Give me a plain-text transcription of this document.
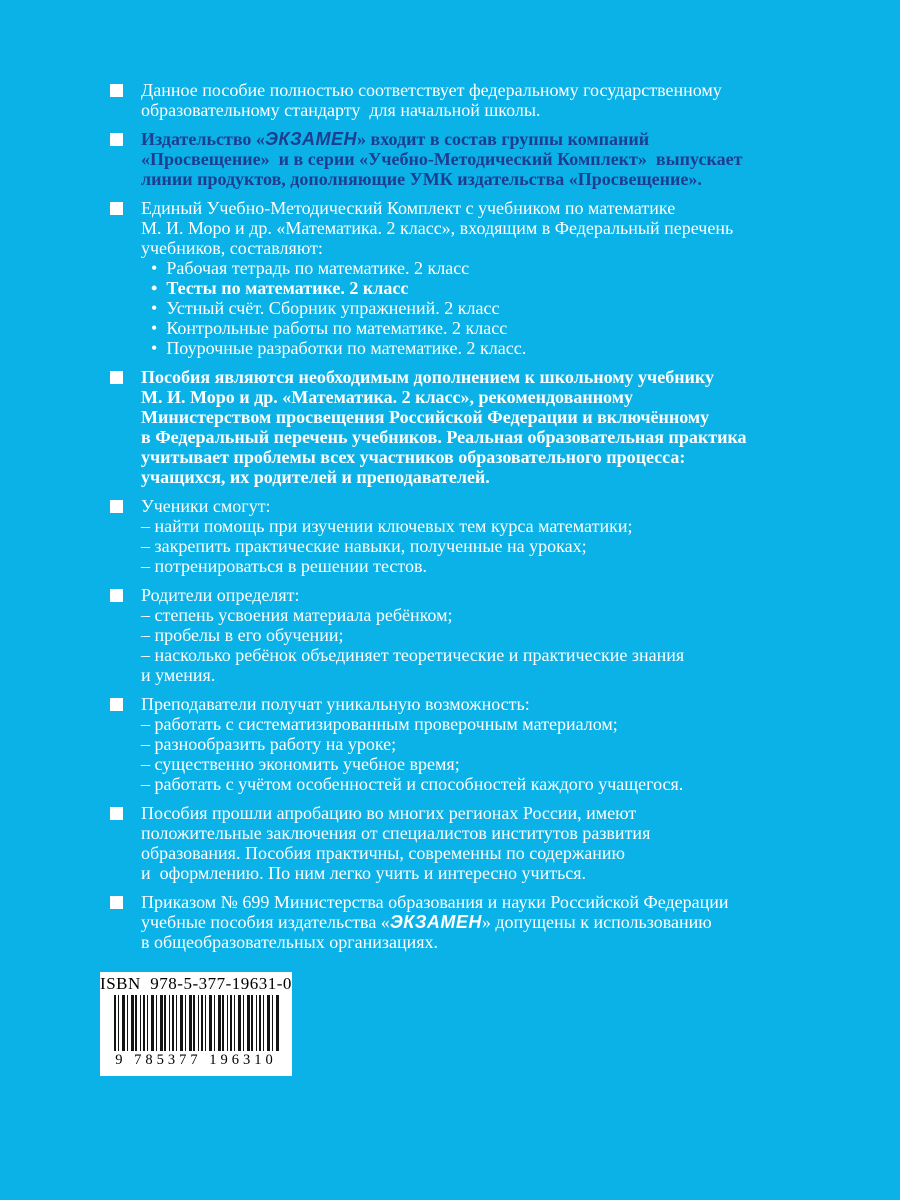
Данное пособие полностью соответствует федеральному государственному
образовательному стандарту  для начальной школы.
Издательство «ЭКЗАМЕН» входит в состав группы компаний
«Просвещение»  и в серии «Учебно-Методический Комплект»  выпускает
линии продуктов, дополняющие УМК издательства «Просвещение».
Единый Учебно-Методический Комплект с учебником по математике
М. И. Моро и др. «Математика. 2 класс», входящим в Федеральный перечень
учебников, составляют:
• Рабочая тетрадь по математике. 2 класс
• Тесты по математике. 2 класс
• Устный счёт. Сборник упражнений. 2 класс
• Контрольные работы по математике. 2 класс
• Поурочные разработки по математике. 2 класс.
Пособия являются необходимым дополнением к школьному учебнику
М. И. Моро и др. «Математика. 2 класс», рекомендованному
Министерством просвещения Российской Федерации и включённому
в Федеральный перечень учебников. Реальная образовательная практика
учитывает проблемы всех участников образовательного процесса:
учащихся, их родителей и преподавателей.
Ученики смогут:
– найти помощь при изучении ключевых тем курса математики;
– закрепить практические навыки, полученные на уроках;
– потренироваться в решении тестов.
Родители определят:
– степень усвоения материала ребёнком;
– пробелы в его обучении;
– насколько ребёнок объединяет теоретические и практические знания
и умения.
Преподаватели получат уникальную возможность:
– работать с систематизированным проверочным материалом;
– разнообразить работу на уроке;
– существенно экономить учебное время;
– работать с учётом особенностей и способностей каждого учащегося.
Пособия прошли апробацию во многих регионах России, имеют
положительные заключения от специалистов институтов развития
образования. Пособия практичны, современны по содержанию
и  оформлению. По ним легко учить и интересно учиться.
Приказом № 699 Министерства образования и науки Российской Федерации
учебные пособия издательства «ЭКЗАМЕН» допущены к использованию
в общеобразовательных организациях.
ISBN  978-5-377-19631-0
9 785377 196310
